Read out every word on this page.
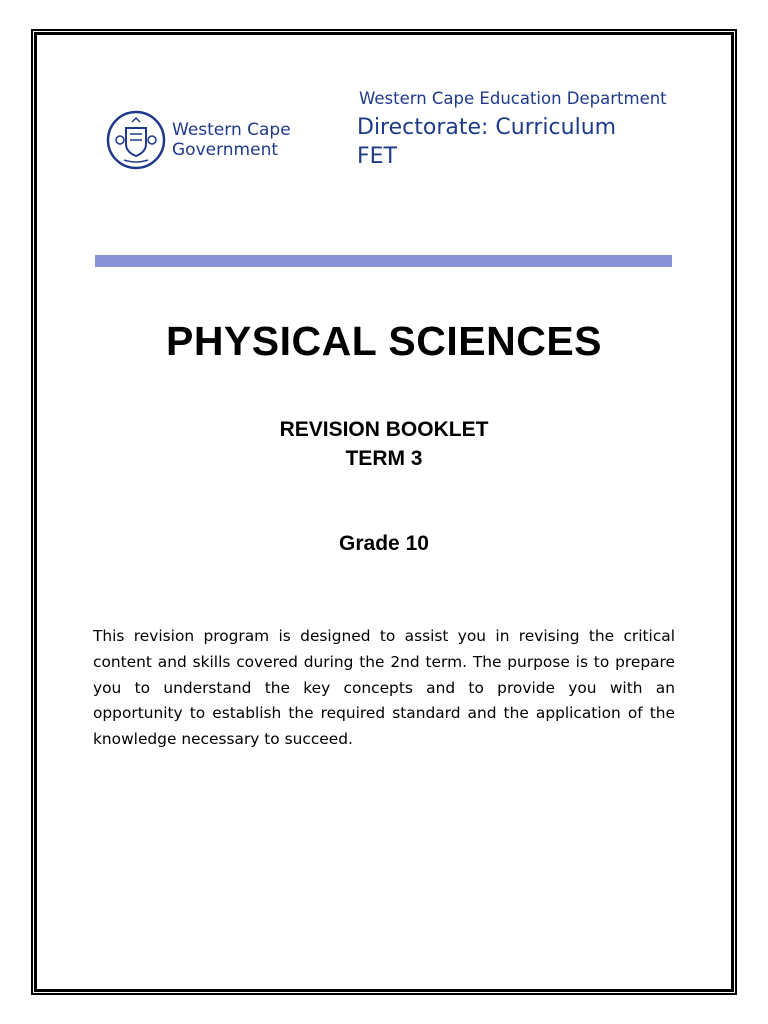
Western Cape
Government
Western Cape Education Department
Directorate: Curriculum
FET
PHYSICAL SCIENCES
REVISION BOOKLET
TERM 3
Grade 10
This revision program is designed to assist you in revising the critical content and skills covered during the 2nd term. The purpose is to prepare you to understand the key concepts and to provide you with an opportunity to establish the required standard and the application of the knowledge necessary to succeed.
